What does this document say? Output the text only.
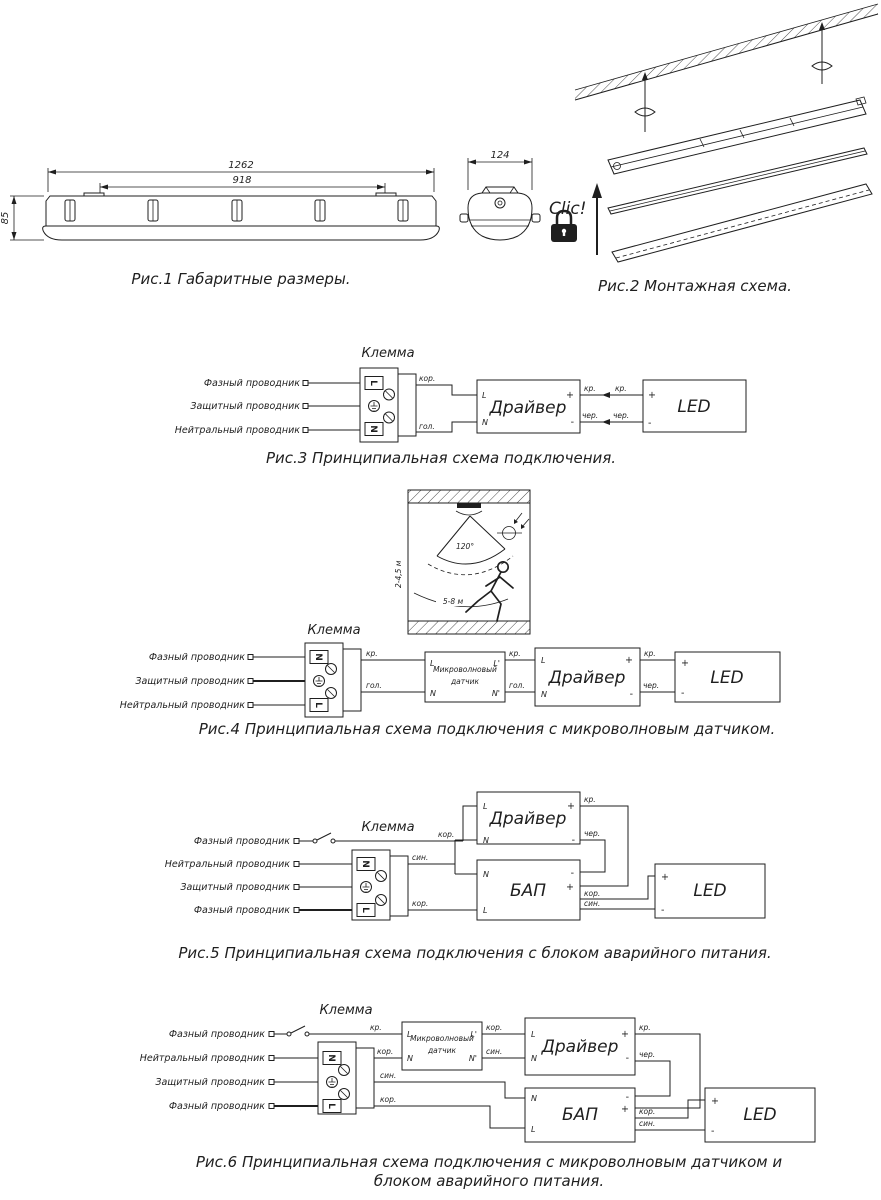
1262
918
85
124
Рис.1 Габаритные размеры.
Clic!
Рис.2 Монтажная схема.
Клемма
L
N
Фазный проводник
Защитный проводник
Нейтральный проводник
кор.
гол.
L
N
Драйвер
+
-
кр.	кр.
чер. чер.
+
-
LED
Рис.3 Принципиальная схема подключения.
120°
5-8 м
2-4,5 м
Клемма
N
L
Фазный проводник
Защитный проводник
Нейтральный проводник
кр.
гол.
L
N
L'
N'
Микроволновый
датчик
кр.
гол.
L
N
Драйвер
+
-
кр.
чер.
+
-
LED
Рис.4 Принципиальная схема подключения с микроволновым датчиком.
Клемма
Фазный проводник
кор.
N
L
Нейтральный проводник
Защитный проводник
Фазный проводник
син.
кор.
L
N
Драйвер
+
-
N
L
БАП
-
+
чер.
кр.
кор.
син.
+
-
LED
Рис.5 Принципиальная схема подключения с блоком аварийного питания.
Клемма
Фазный проводник
кр.
N
L
Нейтральный проводник
Защитный проводник
Фазный проводник
кор.
син.
кор.
L
N
L'
N'
Микроволновый
датчик
кор.
син.
L
N
Драйвер
+
-
кр.
чер.
N
L
БАП
-
+ кор.
син.
+
-
LED
Рис.6 Принципиальная схема подключения с микроволновым датчиком и
блоком аварийного питания.
